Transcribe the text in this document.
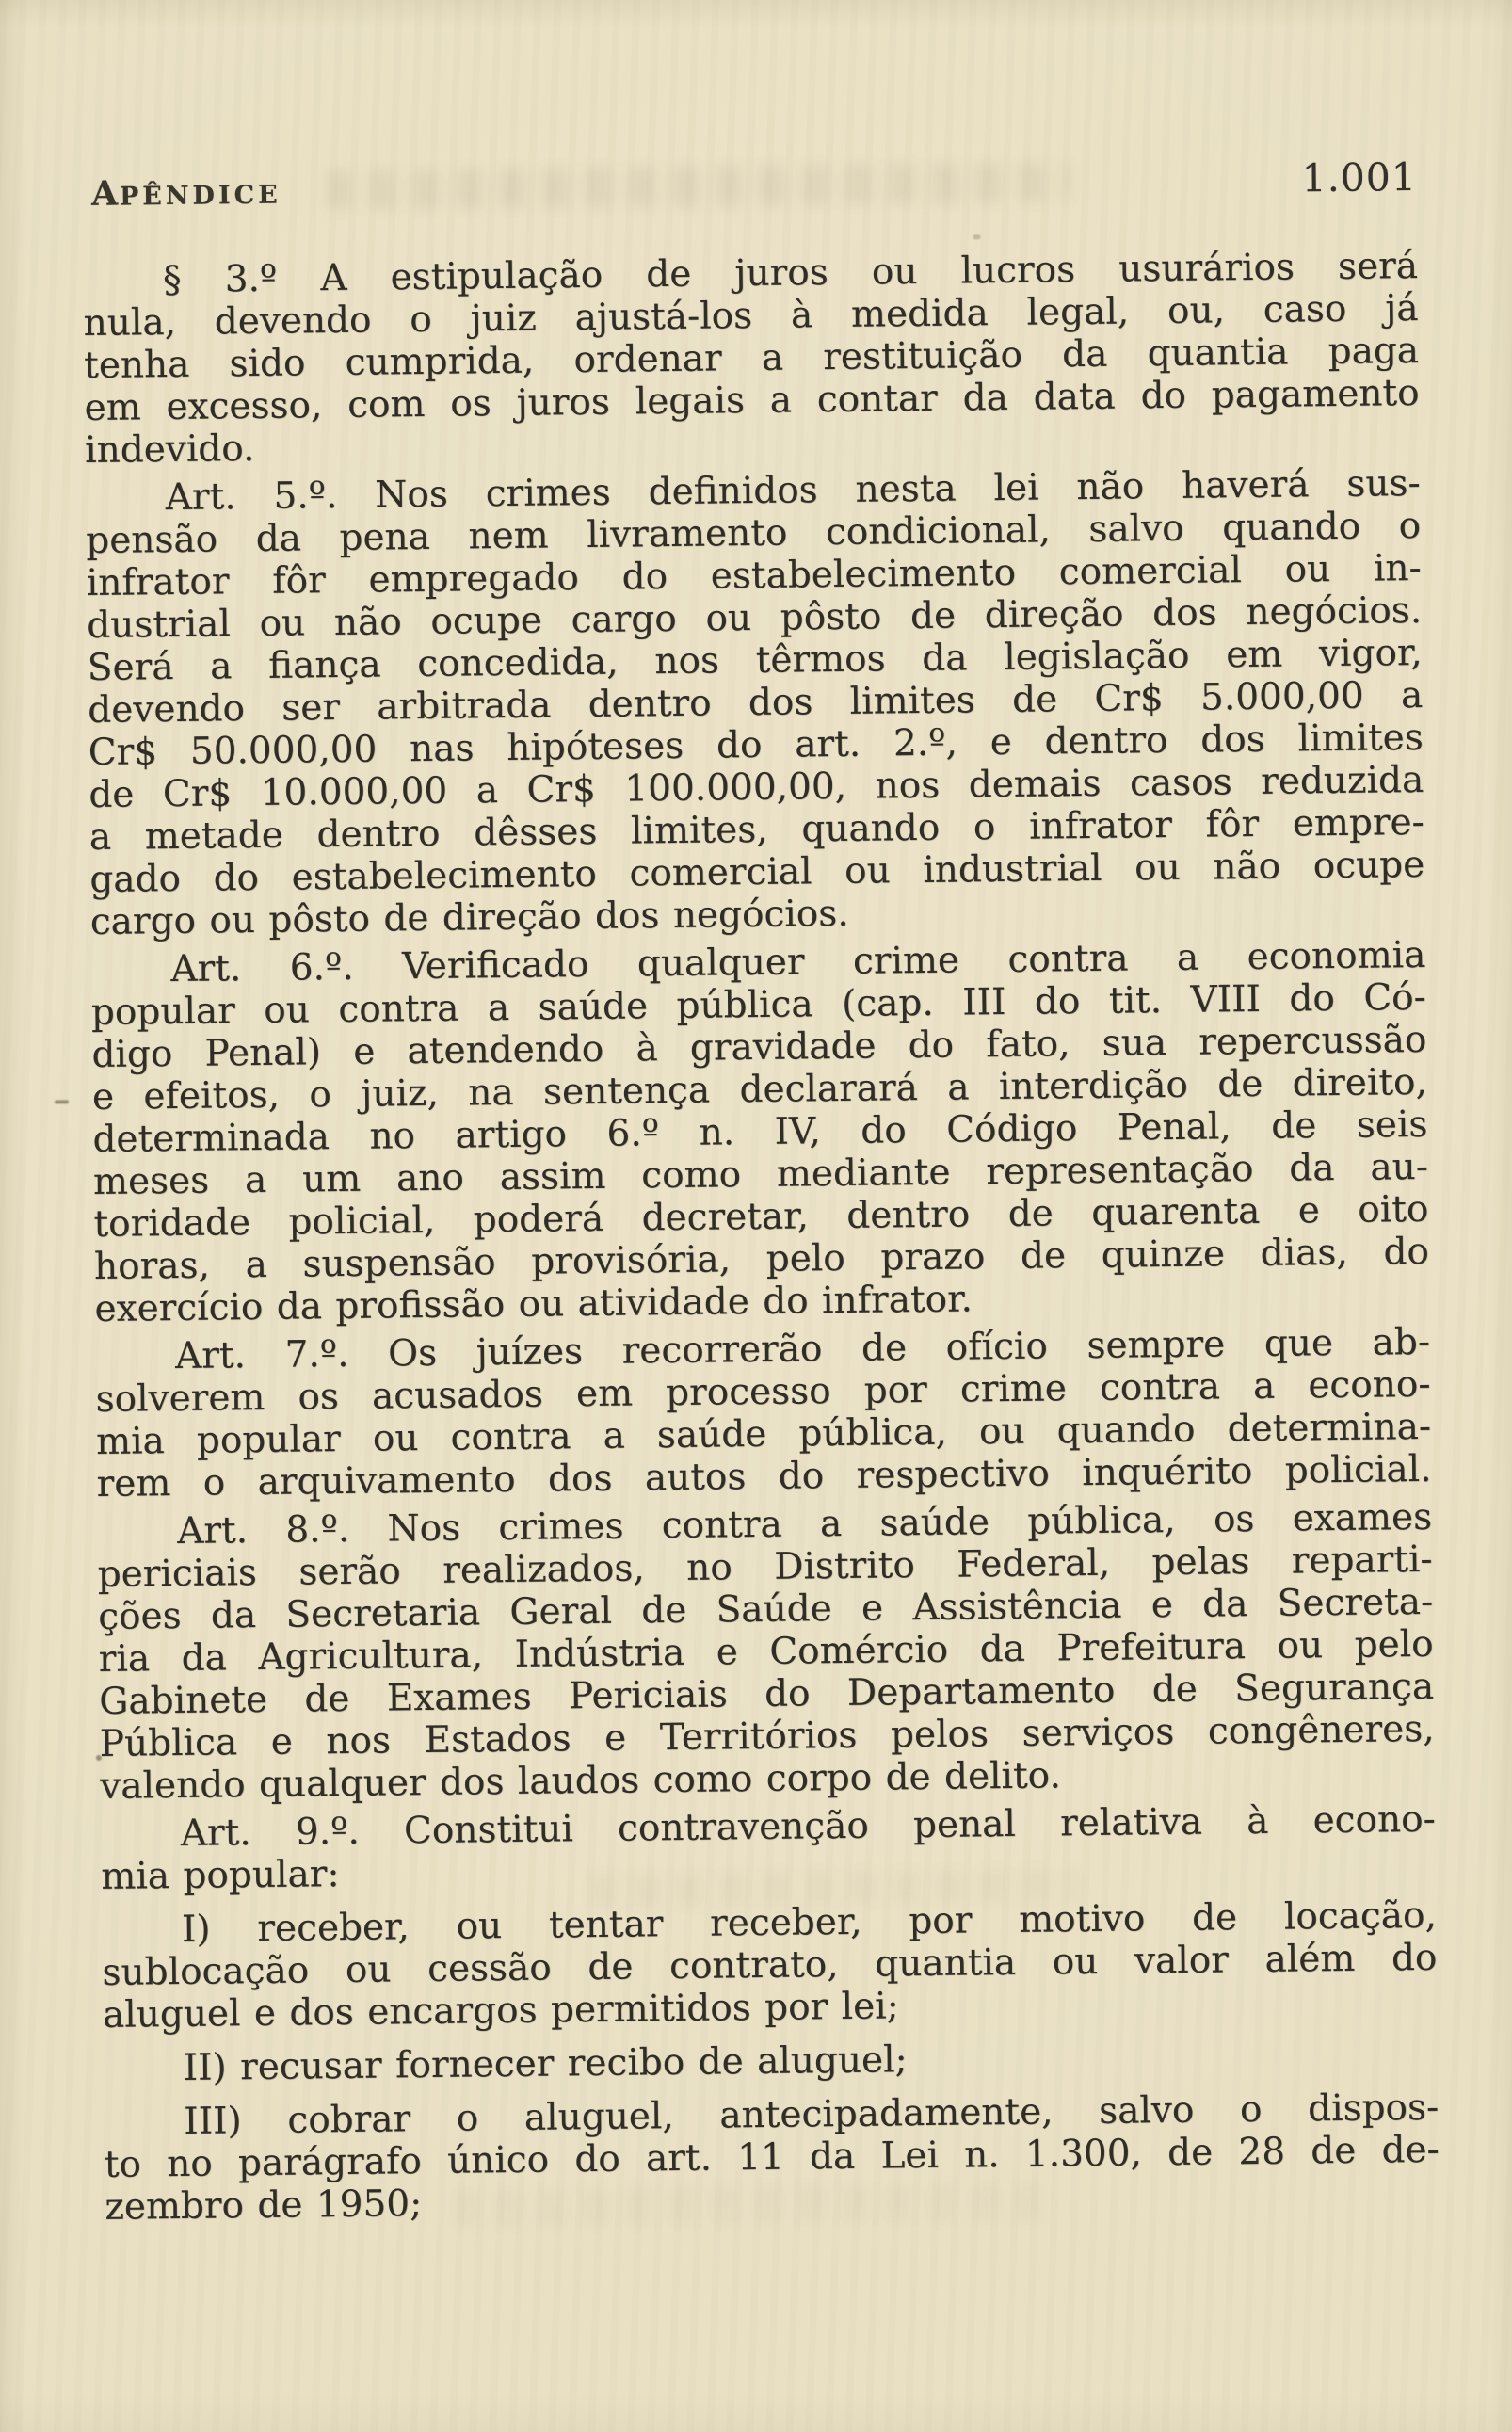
APÊNDICE	1.001

§ 3.º A estipulação de juros ou lucros usurários será

nula, devendo o juiz ajustá-los à medida legal, ou, caso já

tenha sido cumprida, ordenar a restituição da quantia paga

em excesso, com os juros legais a contar da data do pagamento

indevido.

Art. 5.º. Nos crimes definidos nesta lei não haverá sus-

pensão da pena nem livramento condicional, salvo quando o

infrator fôr empregado do estabelecimento comercial ou in-

dustrial ou não ocupe cargo ou pôsto de direção dos negócios.

Será a fiança concedida, nos têrmos da legislação em vigor,

devendo ser arbitrada dentro dos limites de Cr$ 5.000,00 a

Cr$ 50.000,00 nas hipóteses do art. 2.º, e dentro dos limites

de Cr$ 10.000,00 a Cr$ 100.000,00, nos demais casos reduzida

a metade dentro dêsses limites, quando o infrator fôr empre-

gado do estabelecimento comercial ou industrial ou não ocupe

cargo ou pôsto de direção dos negócios.

Art. 6.º. Verificado qualquer crime contra a economia

popular ou contra a saúde pública (cap. III do tit. VIII do Có-

digo Penal) e atendendo à gravidade do fato, sua repercussão

e efeitos, o juiz, na sentença declarará a interdição de direito,

determinada no artigo 6.º n. IV, do Código Penal, de seis

meses a um ano assim como mediante representação da au-

toridade policial, poderá decretar, dentro de quarenta e oito

horas, a suspensão provisória, pelo prazo de quinze dias, do

exercício da profissão ou atividade do infrator.

Art. 7.º. Os juízes recorrerão de ofício sempre que ab-

solverem os acusados em processo por crime contra a econo-

mia popular ou contra a saúde pública, ou quando determina-

rem o arquivamento dos autos do respectivo inquérito policial.

Art. 8.º. Nos crimes contra a saúde pública, os exames

periciais serão realizados, no Distrito Federal, pelas reparti-

ções da Secretaria Geral de Saúde e Assistência e da Secreta-

ria da Agricultura, Indústria e Comércio da Prefeitura ou pelo

Gabinete de Exames Periciais do Departamento de Segurança

Pública e nos Estados e Territórios pelos serviços congêneres,

valendo qualquer dos laudos como corpo de delito.

Art. 9.º. Constitui contravenção penal relativa à econo-

mia popular:

I) receber, ou tentar receber, por motivo de locação,

sublocação ou cessão de contrato, quantia ou valor além do

aluguel e dos encargos permitidos por lei;

II) recusar fornecer recibo de aluguel;

III) cobrar o aluguel, antecipadamente, salvo o dispos-

to no parágrafo único do art. 11 da Lei n. 1.300, de 28 de de-

zembro de 1950;
